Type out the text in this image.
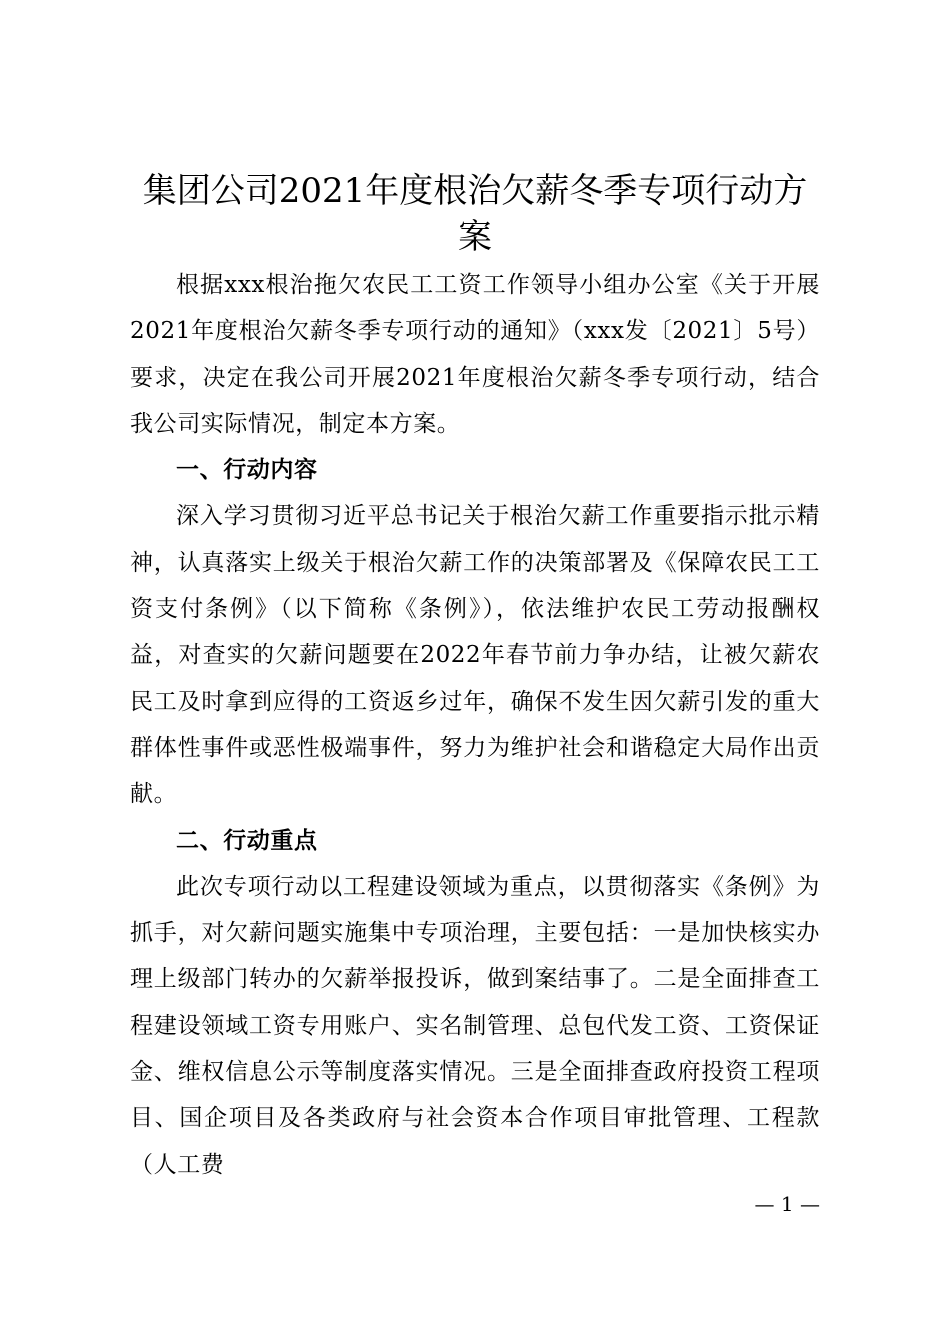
集团公司2021年度根治欠薪冬季专项行动方案

根据xxx根治拖欠农民工工资工作领导小组办公室《关于开展2021年度根治欠薪冬季专项行动的通知》（xxx发〔2021〕5号）要求，决定在我公司开展2021年度根治欠薪冬季专项行动，结合我公司实际情况，制定本方案。

一、行动内容

深入学习贯彻习近平总书记关于根治欠薪工作重要指示批示精神，认真落实上级关于根治欠薪工作的决策部署及《保障农民工工资支付条例》（以下简称《条例》），依法维护农民工劳动报酬权益，对查实的欠薪问题要在2022年春节前力争办结，让被欠薪农民工及时拿到应得的工资返乡过年，确保不发生因欠薪引发的重大群体性事件或恶性极端事件，努力为维护社会和谐稳定大局作出贡献。

二、行动重点

此次专项行动以工程建设领域为重点，以贯彻落实《条例》为抓手，对欠薪问题实施集中专项治理，主要包括：一是加快核实办理上级部门转办的欠薪举报投诉，做到案结事了。二是全面排查工程建设领域工资专用账户、实名制管理、总包代发工资、工资保证金、维权信息公示等制度落实情况。三是全面排查政府投资工程项目、国企项目及各类政府与社会资本合作项目审批管理、工程款（人工费

— 1 —
